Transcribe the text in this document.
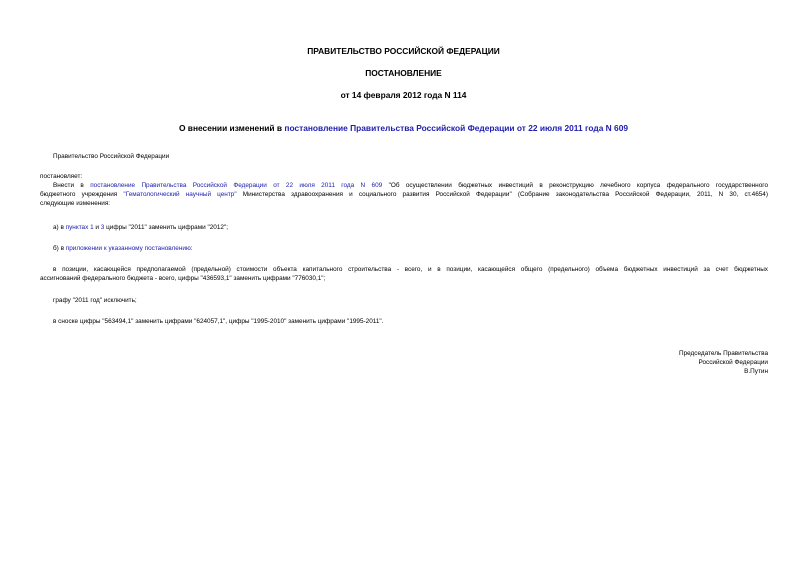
ПРАВИТЕЛЬСТВО РОССИЙСКОЙ ФЕДЕРАЦИИ
ПОСТАНОВЛЕНИЕ
от 14 февраля 2012 года N 114
О внесении изменений в постановление Правительства Российской Федерации от 22 июля 2011 года N 609
Правительство Российской Федерации
постановляет:
Внести в постановление Правительства Российской Федерации от 22 июля 2011 года N 609 "Об осуществлении бюджетных инвестиций в реконструкцию лечебного корпуса федерального государственного
бюджетного учреждения "Гематологический научный центр" Министерства здравоохранения и социального развития Российской Федерации" (Собрание законодательства Российской Федерации, 2011, N 30, ст.4654)
следующие изменения:
а) в пунктах 1 и 3 цифры "2011" заменить цифрами "2012";
б) в приложении к указанному постановлению:
в позиции, касающейся предполагаемой (предельной) стоимости объекта капитального строительства - всего, и в позиции, касающейся общего (предельного) объема бюджетных инвестиций за счет бюджетных
ассигнований федерального бюджета - всего, цифры "436593,1" заменить цифрами "776030,1";
графу "2011 год" исключить;
в сноске цифры "563494,1" заменить цифрами "624057,1", цифры "1995-2010" заменить цифрами "1995-2011".
Председатель Правительства
Российской Федерации
В.Путин
